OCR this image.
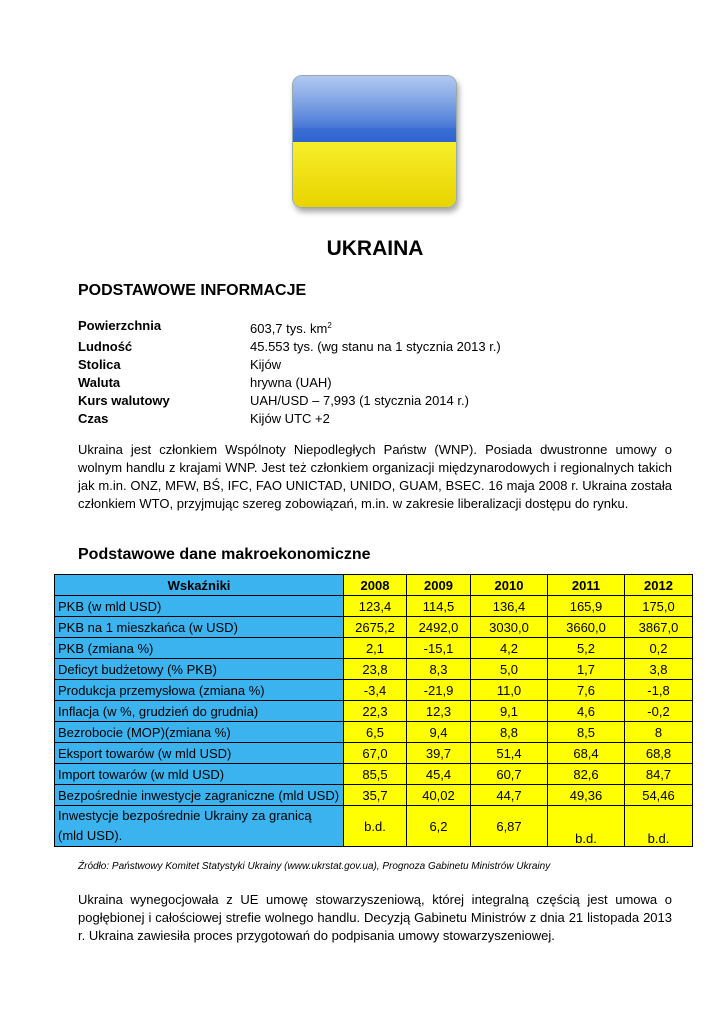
UKRAINA
PODSTAWOWE INFORMACJE
Powierzchnia	603,7 tys. $km^2$
Ludność	45.553 tys. (wg stanu na 1 stycznia 2013 r.)
Stolica	Kijów
Waluta	hrywna (UAH)
Kurs walutowy	UAH/USD – 7,993 (1 stycznia 2014 r.)
Czas	Kijów UTC +2
Ukraina jest członkiem Wspólnoty Niepodległych Państw (WNP). Posiada dwustronne umowy o wolnym handlu z krajami WNP. Jest też członkiem organizacji międzynarodowych i regionalnych takich jak m.in. ONZ, MFW, BŚ, IFC, FAO UNICTAD, UNIDO, GUAM, BSEC. 16 maja 2008 r. Ukraina została członkiem WTO, przyjmując szereg zobowiązań, m.in. w zakresie liberalizacji dostępu do rynku.
Podstawowe dane makroekonomiczne
Wskaźniki	2008	2009	2010	2011	2012
PKB (w mld USD)	123,4	114,5	136,4	165,9	175,0
PKB na 1 mieszkańca (w USD)	2675,2	2492,0	3030,0	3660,0	3867,0
PKB (zmiana %)	2,1	-15,1	4,2	5,2	0,2
Deficyt budżetowy (% PKB)	23,8	8,3	5,0	1,7	3,8
Produkcja przemysłowa (zmiana %)	-3,4	-21,9	11,0	7,6	-1,8
Inflacja (w %, grudzień do grudnia)	22,3	12,3	9,1	4,6	-0,2
Bezrobocie (MOP)(zmiana %)	6,5	9,4	8,8	8,5	8
Eksport towarów (w mld USD)	67,0	39,7	51,4	68,4	68,8
Import towarów (w mld USD)	85,5	45,4	60,7	82,6	84,7
Bezpośrednie inwestycje zagraniczne (mld USD)	35,7	40,02	44,7	49,36	54,46
Inwestycje bezpośrednie Ukrainy za granicą (mld USD).	b.d.	6,2	6,87	b.d.	b.d.
Źródło: Państwowy Komitet Statystyki Ukrainy (www.ukrstat.gov.ua), Prognoza Gabinetu Ministrów Ukrainy
Ukraina wynegocjowała z UE umowę stowarzyszeniową, której integralną częścią jest umowa o pogłębionej i całościowej strefie wolnego handlu. Decyzją Gabinetu Ministrów z dnia 21 listopada 2013 r. Ukraina zawiesiła proces przygotowań do podpisania umowy stowarzyszeniowej.
